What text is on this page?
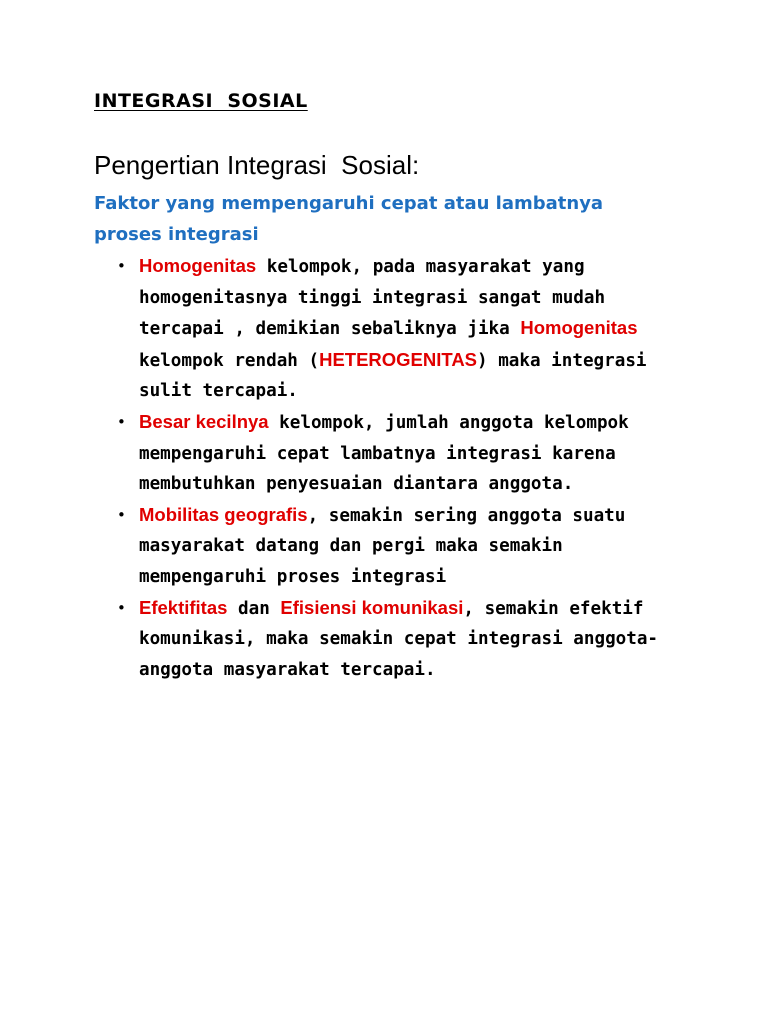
INTEGRASI  SOSIAL
Pengertian Integrasi  Sosial:

Faktor yang mempengaruhi cepat atau lambatnya proses integrasi

• Homogenitas kelompok, pada masyarakat yang homogenitasnya tinggi integrasi sangat mudah tercapai , demikian sebaliknya jika Homogenitas kelompok rendah (HETEROGENITAS) maka integrasi sulit tercapai.
• Besar kecilnya kelompok, jumlah anggota kelompok mempengaruhi cepat lambatnya integrasi karena membutuhkan penyesuaian diantara anggota.
• Mobilitas geografis, semakin sering anggota suatu masyarakat datang dan pergi maka semakin mempengaruhi proses integrasi
• Efektifitas dan Efisiensi komunikasi, semakin efektif komunikasi, maka semakin cepat integrasi anggota-anggota masyarakat tercapai.
